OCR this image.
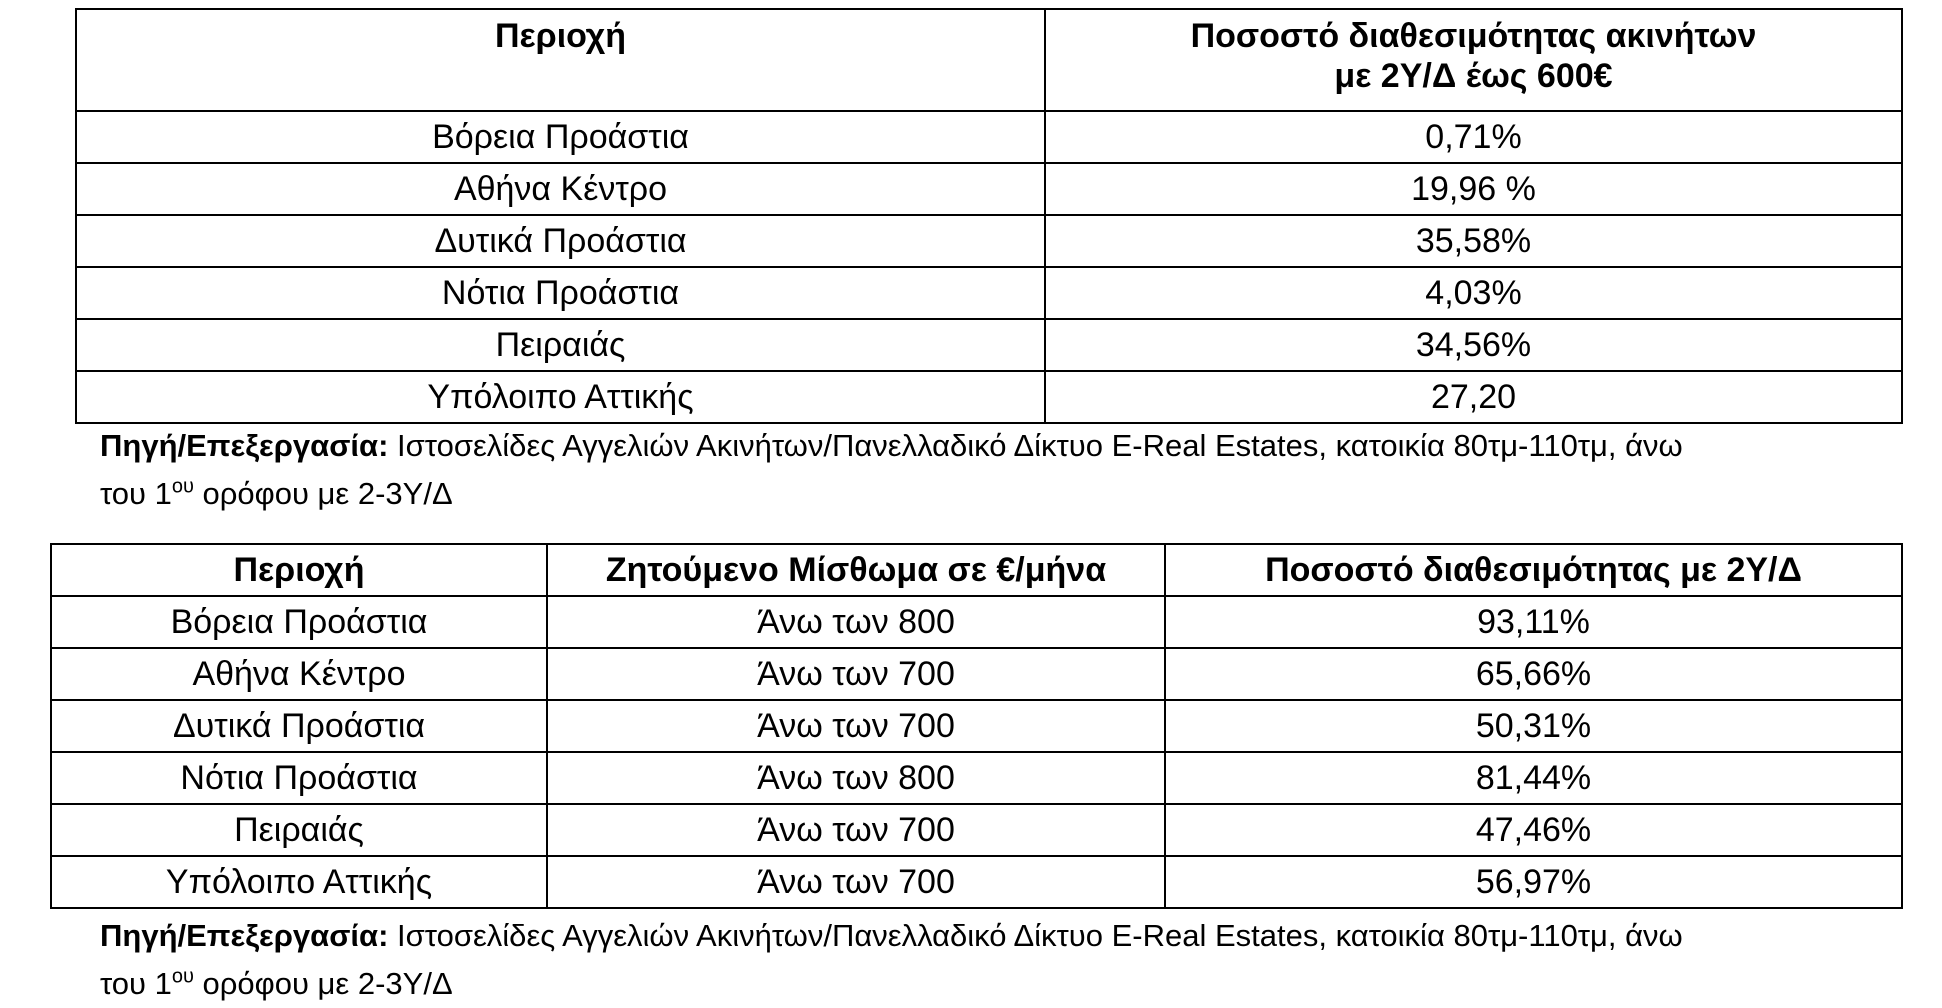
Περιοχή	Ποσοστό διαθεσιμότητας ακινήτων
με 2Υ/Δ έως 600€
Βόρεια Προάστια	0,71%
Αθήνα Κέντρο	19,96 %
Δυτικά Προάστια	35,58%
Νότια Προάστια	4,03%
Πειραιάς	34,56%
Υπόλοιπο Αττικής	27,20
Πηγή/Επεξεργασία: Ιστοσελίδες Αγγελιών Ακινήτων/Πανελλαδικό Δίκτυο E-Real Estates, κατοικία 80τμ-110τμ, άνω
του $1^{o\upsilon}$ ορόφου με 2-3Υ/Δ
Περιοχή	Ζητούμενο Μίσθωμα σε €/μήνα	Ποσοστό διαθεσιμότητας με 2Υ/Δ
Βόρεια Προάστια	Άνω των 800	93,11%
Αθήνα Κέντρο	Άνω των 700	65,66%
Δυτικά Προάστια	Άνω των 700	50,31%
Νότια Προάστια	Άνω των 800	81,44%
Πειραιάς	Άνω των 700	47,46%
Υπόλοιπο Αττικής	Άνω των 700	56,97%
Πηγή/Επεξεργασία: Ιστοσελίδες Αγγελιών Ακινήτων/Πανελλαδικό Δίκτυο E-Real Estates, κατοικία 80τμ-110τμ, άνω
του $1^{o\upsilon}$ ορόφου με 2-3Υ/Δ
